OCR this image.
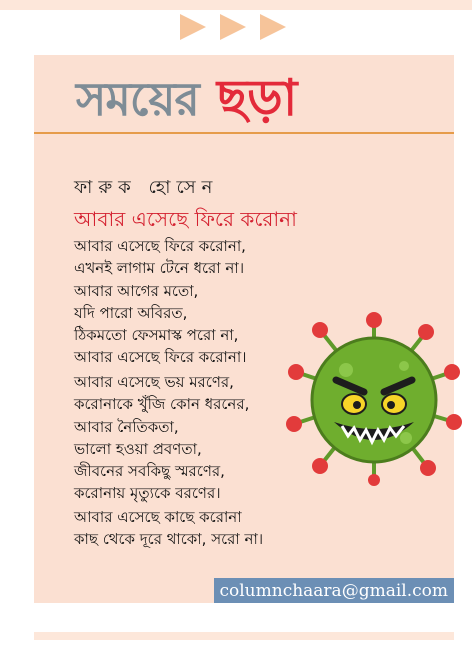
সময়ের ছড়া
ফারুক হোসেন
আবার এসেছে ফিরে করোনা
আবার এসেছে ফিরে করোনা,
এখনই লাগাম টেনে ধরো না।
আবার আগের মতো,
যদি পারো অবিরত,
ঠিকমতো ফেসমাস্ক পরো না,
আবার এসেছে ফিরে করোনা।
আবার এসেছে ভয় মরণের,
করোনাকে খুঁজি কোন ধরনের,
আবার নৈতিকতা,
ভালো হওয়া প্রবণতা,
জীবনের সবকিছু স্মরণের,
করোনায় মৃত্যুকে বরণের।
আবার এসেছে কাছে করোনা
কাছ থেকে দূরে থাকো, সরো না।
columnchaara@gmail.com
